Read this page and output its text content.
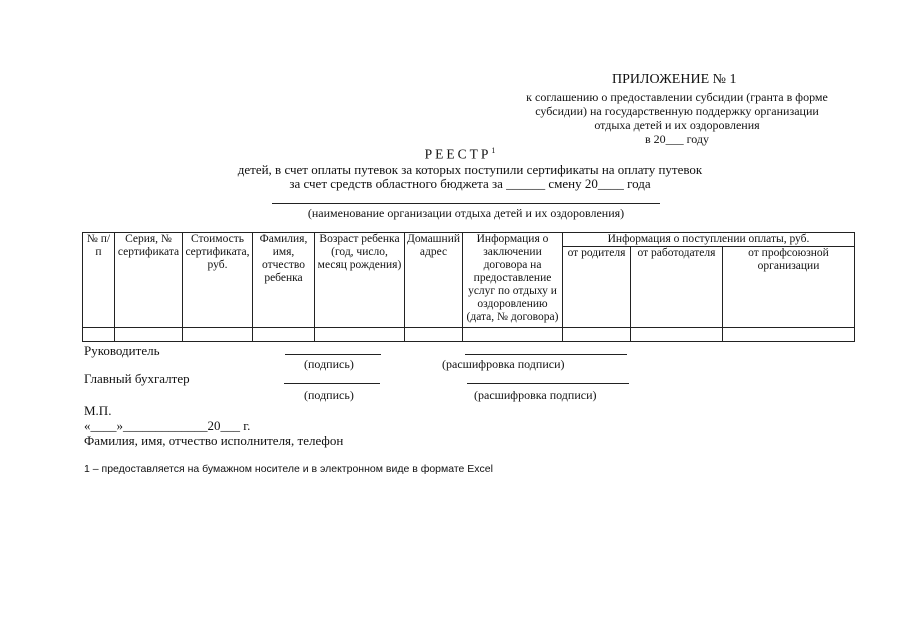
ПРИЛОЖЕНИЕ № 1
к соглашению о предоставлении субсидии (гранта в форме
субсидии) на государственную поддержку организации
отдыха детей и их оздоровления
в 20___ году
РЕЕСТР$^1$
детей, в счет оплаты путевок за которых поступили сертификаты на оплату путевок
за счет средств областного бюджета за ______ смену 20____ года
(наименование организации отдыха детей и их оздоровления)
№ п/п	Серия, № сертификата	Стоимость сертификата, руб.	Фамилия, имя, отчество ребенка	Возраст ребенка (год, число, месяц рождения)	Домашний адрес	Информация о заключении договора на предоставление услуг по отдыху и оздоровлению (дата, № договора)	Информация о поступлении оплаты, руб.		
							от родителя	от работодателя	от профсоюзной организации

Руководитель
(подпись)	(расшифровка подписи)
Главный бухгалтер
(подпись)	(расшифровка подписи)
М.П.
«____»_____________20___ г.
Фамилия, имя, отчество исполнителя, телефон
1 – предоставляется на бумажном носителе и в электронном виде в формате Excel
